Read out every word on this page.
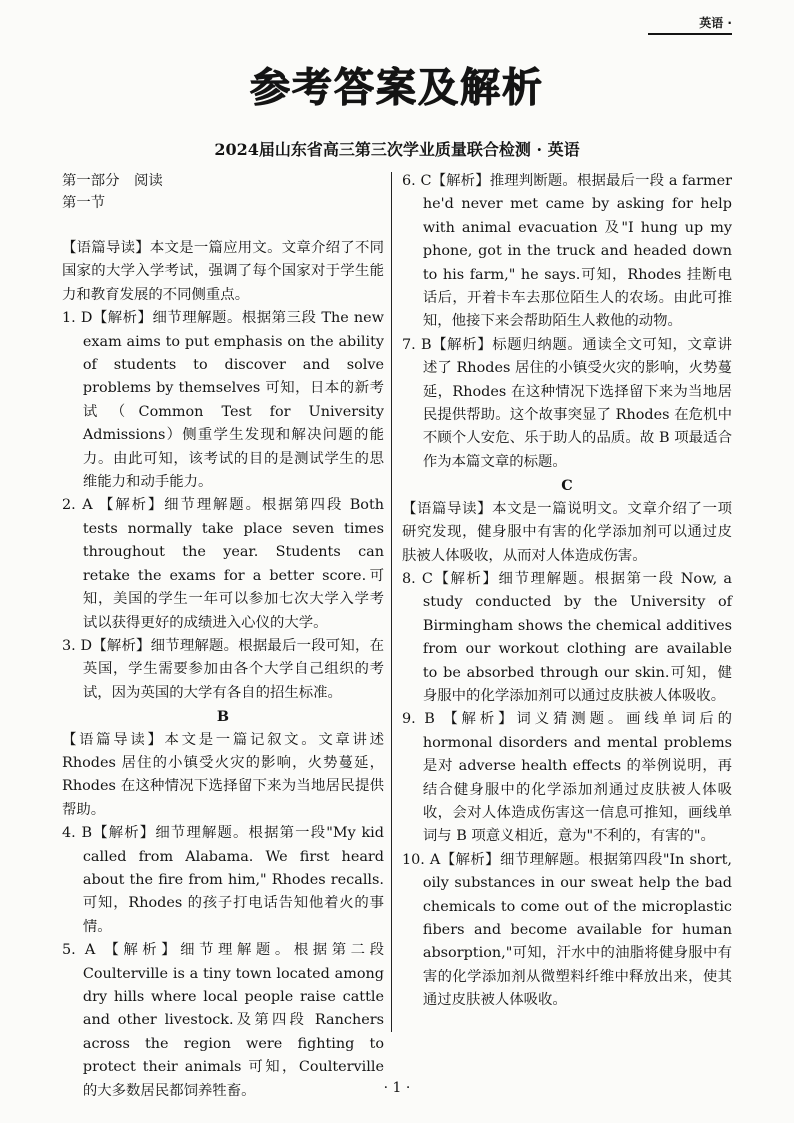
英语 ·
参考答案及解析
2024届山东省高三第三次学业质量联合检测 · 英语

第一部分　阅读

第一节

【语篇导读】本文是一篇应用文。文章介绍了不同国家的大学入学考试，强调了每个国家对于学生能力和教育发展的不同侧重点。

1. D【解析】细节理解题。根据第三段 The new exam aims to put emphasis on the ability of students to discover and solve problems by themselves 可知，日本的新考试（Common Test for University Admissions）侧重学生发现和解决问题的能力。由此可知，该考试的目的是测试学生的思维能力和动手能力。

2. A 【解析】细节理解题。根据第四段 Both tests normally take place seven times throughout the year. Students can retake the exams for a better score.可知，美国的学生一年可以参加七次大学入学考试以获得更好的成绩进入心仪的大学。

3. D【解析】细节理解题。根据最后一段可知，在英国，学生需要参加由各个大学自己组织的考试，因为英国的大学有各自的招生标准。

B

【语篇导读】本文是一篇记叙文。文章讲述 Rhodes 居住的小镇受火灾的影响，火势蔓延，Rhodes 在这种情况下选择留下来为当地居民提供帮助。

4. B【解析】细节理解题。根据第一段"My kid called from Alabama. We first heard about the fire from him," Rhodes recalls.可知，Rhodes 的孩子打电话告知他着火的事情。

5. A 【解析】细节理解题。根据第二段 Coulterville is a tiny town located among dry hills where local people raise cattle and other livestock.及第四段 Ranchers across the region were fighting to protect their animals 可知，Coulterville 的大多数居民都饲养牲畜。

6. C【解析】推理判断题。根据最后一段 a farmer he'd never met came by asking for help with animal evacuation 及"I hung up my phone, got in the truck and headed down to his farm," he says.可知，Rhodes 挂断电话后，开着卡车去那位陌生人的农场。由此可推知，他接下来会帮助陌生人救他的动物。

7. B【解析】标题归纳题。通读全文可知，文章讲述了 Rhodes 居住的小镇受火灾的影响，火势蔓延，Rhodes 在这种情况下选择留下来为当地居民提供帮助。这个故事突显了 Rhodes 在危机中不顾个人安危、乐于助人的品质。故 B 项最适合作为本篇文章的标题。

C

【语篇导读】本文是一篇说明文。文章介绍了一项研究发现，健身服中有害的化学添加剂可以通过皮肤被人体吸收，从而对人体造成伤害。

8. C【解析】细节理解题。根据第一段 Now, a study conducted by the University of Birmingham shows the chemical additives from our workout clothing are available to be absorbed through our skin.可知，健身服中的化学添加剂可以通过皮肤被人体吸收。

9. B 【解析】词义猜测题。画线单词后的 hormonal disorders and mental problems 是对 adverse health effects 的举例说明，再结合健身服中的化学添加剂通过皮肤被人体吸收，会对人体造成伤害这一信息可推知，画线单词与 B 项意义相近，意为"不利的，有害的"。

10. A【解析】细节理解题。根据第四段"In short, oily substances in our sweat help the bad chemicals to come out of the microplastic fibers and become available for human absorption,"可知，汗水中的油脂将健身服中有害的化学添加剂从微塑料纤维中释放出来，使其通过皮肤被人体吸收。

· 1 ·
